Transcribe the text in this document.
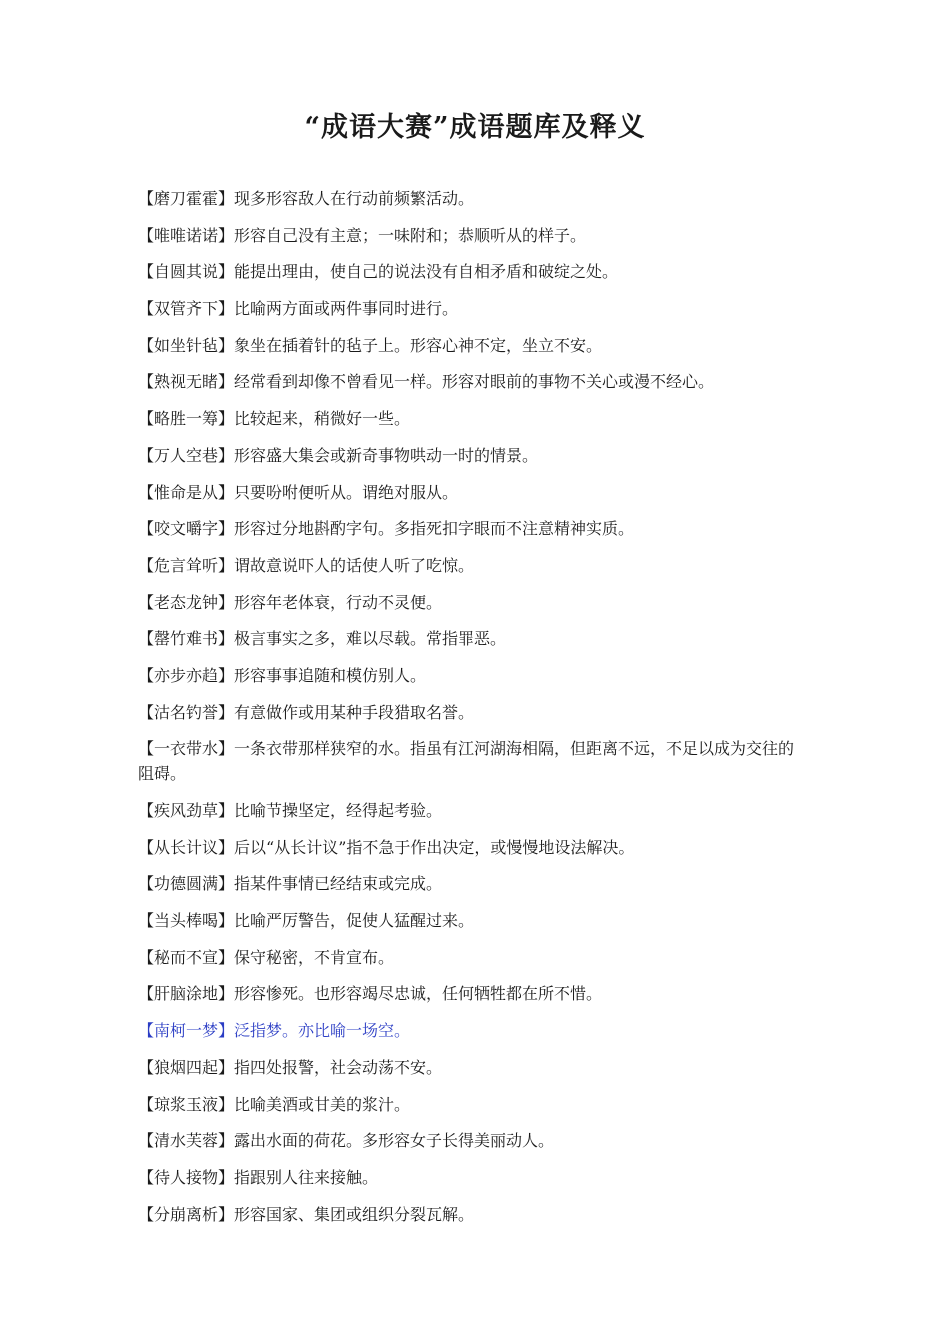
“成语大赛”成语题库及释义
【磨刀霍霍】现多形容敌人在行动前频繁活动。
【唯唯诺诺】形容自己没有主意；一味附和；恭顺听从的样子。
【自圆其说】能提出理由，使自己的说法没有自相矛盾和破绽之处。
【双管齐下】比喻两方面或两件事同时进行。
【如坐针毡】象坐在插着针的毡子上。形容心神不定，坐立不安。
【熟视无睹】经常看到却像不曾看见一样。形容对眼前的事物不关心或漫不经心。
【略胜一筹】比较起来，稍微好一些。
【万人空巷】形容盛大集会或新奇事物哄动一时的情景。
【惟命是从】只要吩咐便听从。谓绝对服从。
【咬文嚼字】形容过分地斟酌字句。多指死扣字眼而不注意精神实质。
【危言耸听】谓故意说吓人的话使人听了吃惊。
【老态龙钟】形容年老体衰，行动不灵便。
【罄竹难书】极言事实之多，难以尽载。常指罪恶。
【亦步亦趋】形容事事追随和模仿别人。
【沽名钓誉】有意做作或用某种手段猎取名誉。
【一衣带水】一条衣带那样狭窄的水。指虽有江河湖海相隔，但距离不远，不足以成为交往的阻碍。
【疾风劲草】比喻节操坚定，经得起考验。
【从长计议】后以“从长计议”指不急于作出决定，或慢慢地设法解决。
【功德圆满】指某件事情已经结束或完成。
【当头棒喝】比喻严厉警告，促使人猛醒过来。
【秘而不宣】保守秘密，不肯宣布。
【肝脑涂地】形容惨死。也形容竭尽忠诚，任何牺牲都在所不惜。
【南柯一梦】泛指梦。亦比喻一场空。
【狼烟四起】指四处报警，社会动荡不安。
【琼浆玉液】比喻美酒或甘美的浆汁。
【清水芙蓉】露出水面的荷花。多形容女子长得美丽动人。
【待人接物】指跟别人往来接触。
【分崩离析】形容国家、集团或组织分裂瓦解。
